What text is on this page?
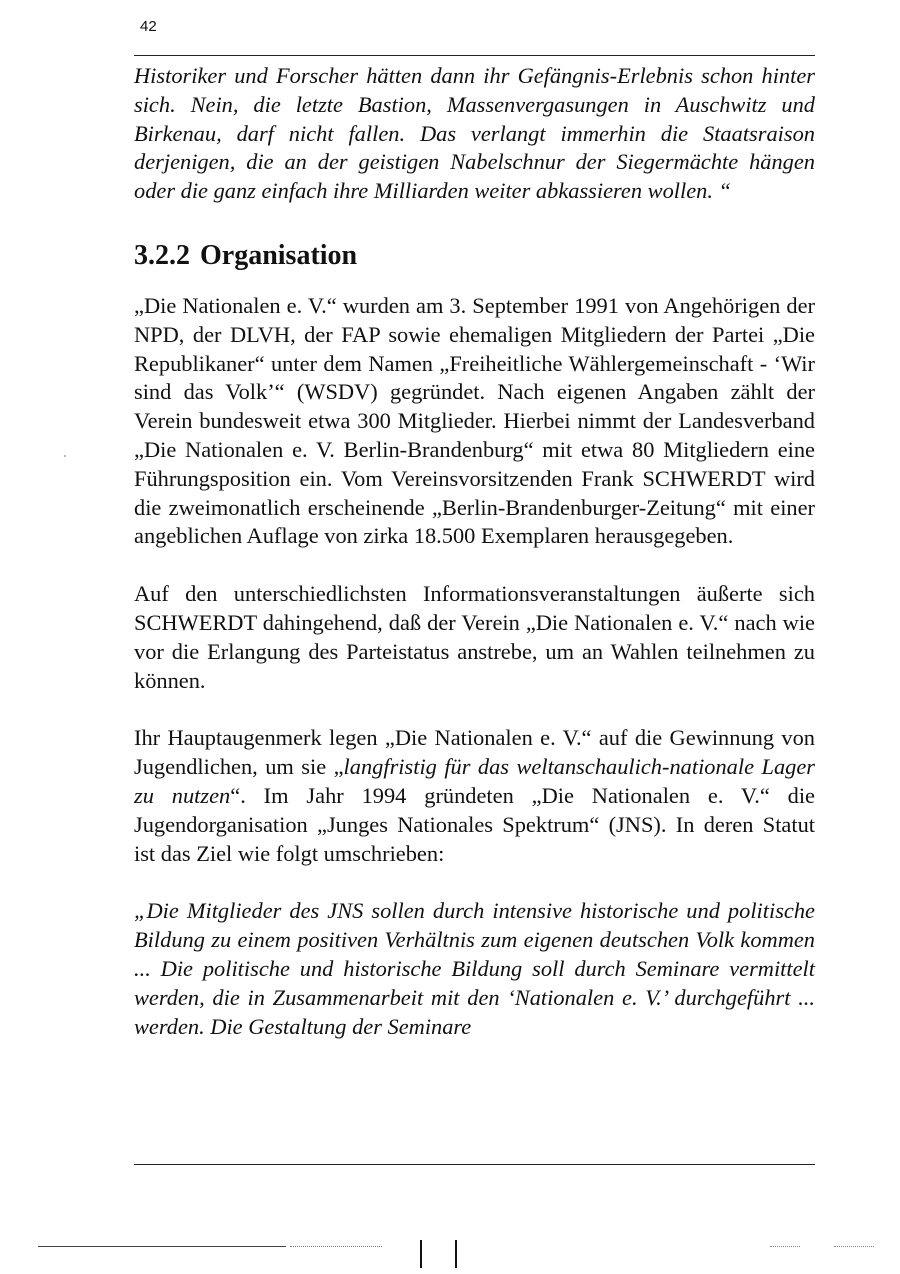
42

Historiker und Forscher hätten dann ihr Gefängnis-Erlebnis schon hinter sich. Nein, die letzte Bastion, Massenvergasungen in Auschwitz und Birkenau, darf nicht fallen. Das verlangt immerhin die Staatsraison derjenigen, die an der geistigen Nabelschnur der Siegermächte hängen oder die ganz einfach ihre Milliarden weiter abkassieren wollen. “

3.2.2 Organisation

„Die Nationalen e. V.“ wurden am 3. September 1991 von Angehörigen der NPD, der DLVH, der FAP sowie ehemaligen Mitgliedern der Partei „Die Republikaner“ unter dem Namen „Freiheitliche Wählergemeinschaft - ‘Wir sind das Volk’“ (WSDV) gegründet. Nach eigenen Angaben zählt der Verein bundesweit etwa 300 Mitglieder. Hierbei nimmt der Landesverband „Die Nationalen e. V. Berlin-Brandenburg“ mit etwa 80 Mitgliedern eine Führungsposition ein. Vom Vereinsvorsitzenden Frank SCHWERDT wird die zweimonatlich erscheinende „Berlin-Brandenburger-Zeitung“ mit einer angeblichen Auflage von zirka 18.500 Exemplaren herausgegeben.

Auf den unterschiedlichsten Informationsveranstaltungen äußerte sich SCHWERDT dahingehend, daß der Verein „Die Nationalen e. V.“ nach wie vor die Erlangung des Parteistatus anstrebe, um an Wahlen teilnehmen zu können.

Ihr Hauptaugenmerk legen „Die Nationalen e. V.“ auf die Gewinnung von Jugendlichen, um sie „langfristig für das weltanschaulich-nationale Lager zu nutzen“. Im Jahr 1994 gründeten „Die Nationalen e. V.“ die Jugendorganisation „Junges Nationales Spektrum“ (JNS). In deren Statut ist das Ziel wie folgt umschrieben:

„Die Mitglieder des JNS sollen durch intensive historische und politische Bildung zu einem positiven Verhältnis zum eigenen deutschen Volk kommen ... Die politische und historische Bildung soll durch Seminare vermittelt werden, die in Zusammenarbeit mit den ‘Nationalen e. V.’ durchgeführt ... werden. Die Gestaltung der Seminare
